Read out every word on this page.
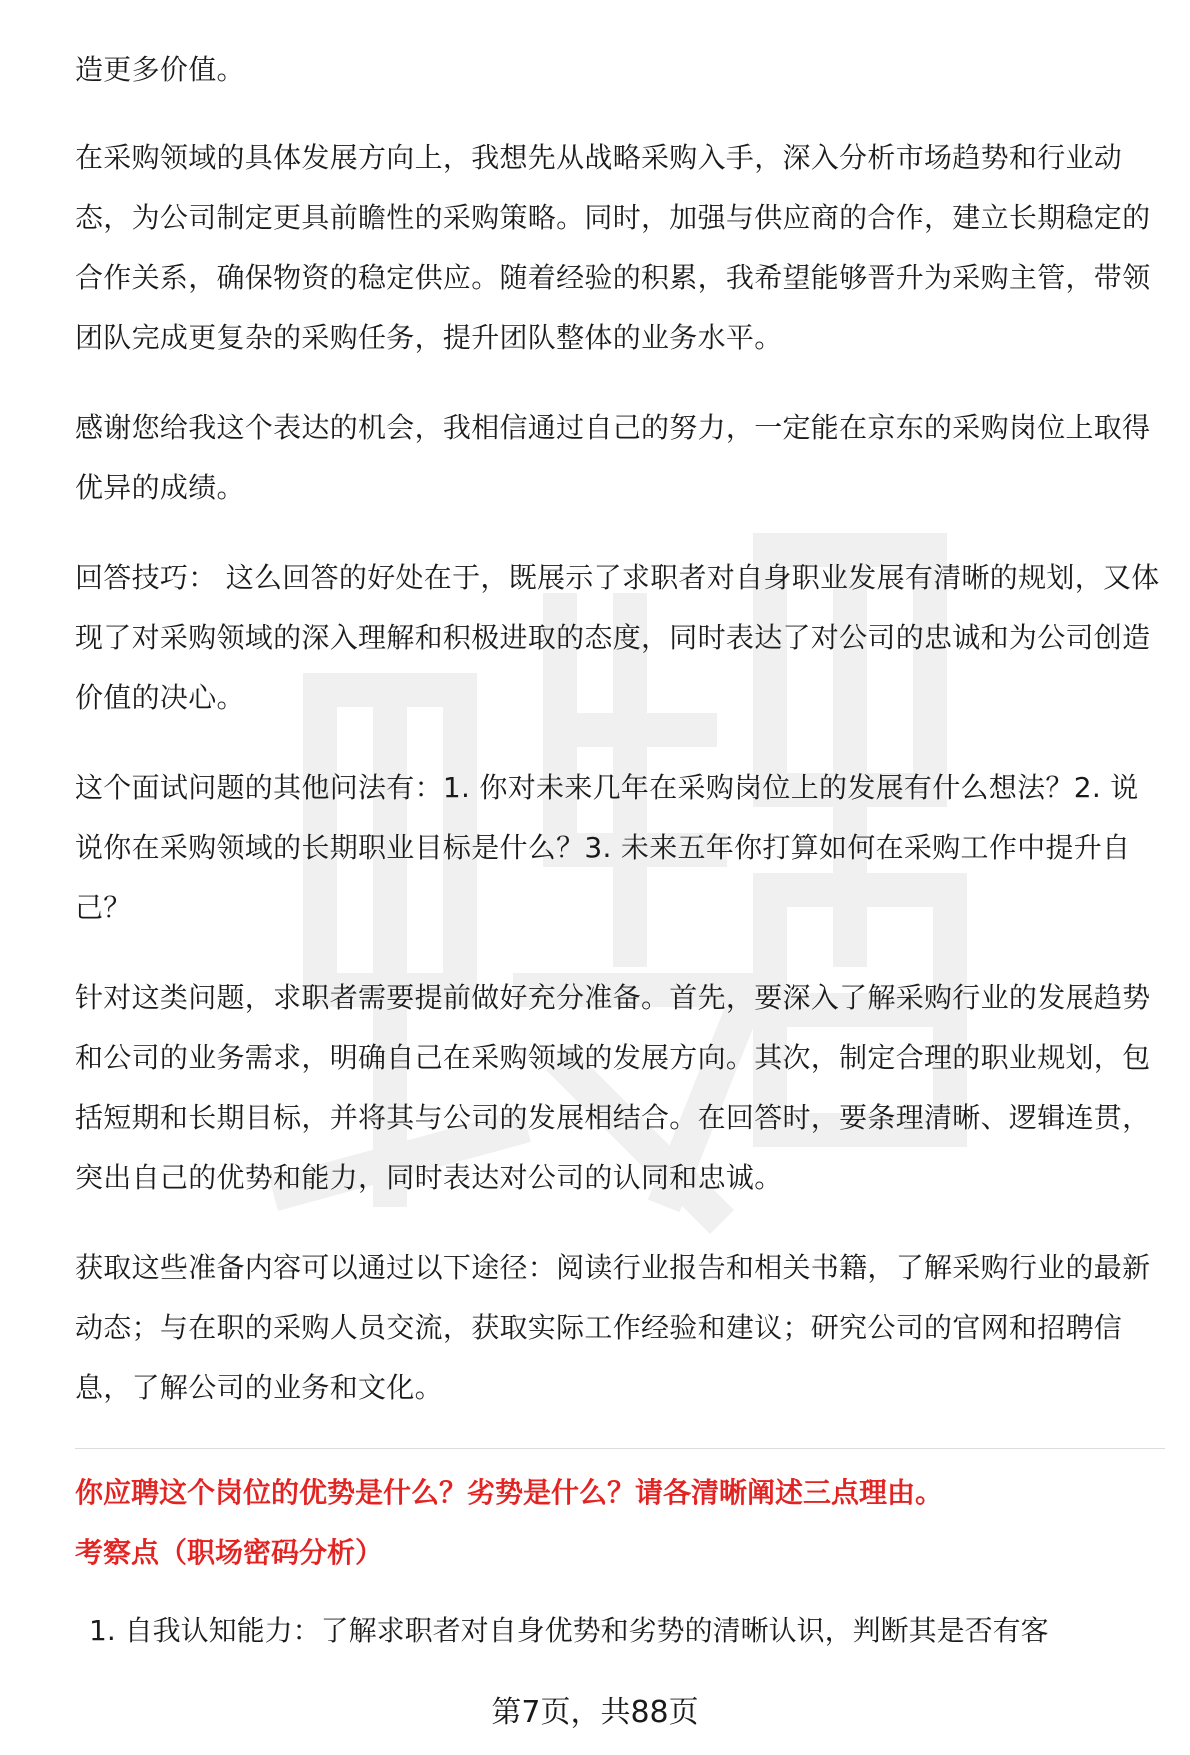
造更多价值。

在采购领域的具体发展方向上，我想先从战略采购入手，深入分析市场趋势和行业动态，为公司制定更具前瞻性的采购策略。同时，加强与供应商的合作，建立长期稳定的合作关系，确保物资的稳定供应。随着经验的积累，我希望能够晋升为采购主管，带领团队完成更复杂的采购任务，提升团队整体的业务水平。

感谢您给我这个表达的机会，我相信通过自己的努力，一定能在京东的采购岗位上取得优异的成绩。

回答技巧： 这么回答的好处在于，既展示了求职者对自身职业发展有清晰的规划，又体现了对采购领域的深入理解和积极进取的态度，同时表达了对公司的忠诚和为公司创造价值的决心。

这个面试问题的其他问法有：1. 你对未来几年在采购岗位上的发展有什么想法？2. 说说你在采购领域的长期职业目标是什么？3. 未来五年你打算如何在采购工作中提升自己？

针对这类问题，求职者需要提前做好充分准备。首先，要深入了解采购行业的发展趋势和公司的业务需求，明确自己在采购领域的发展方向。其次，制定合理的职业规划，包括短期和长期目标，并将其与公司的发展相结合。在回答时，要条理清晰、逻辑连贯，突出自己的优势和能力，同时表达对公司的认同和忠诚。

获取这些准备内容可以通过以下途径：阅读行业报告和相关书籍，了解采购行业的最新动态；与在职的采购人员交流，获取实际工作经验和建议；研究公司的官网和招聘信息，了解公司的业务和文化。

你应聘这个岗位的优势是什么？劣势是什么？请各清晰阐述三点理由。

考察点（职场密码分析）

1. 自我认知能力：了解求职者对自身优势和劣势的清晰认识，判断其是否有客

第7页，共88页
